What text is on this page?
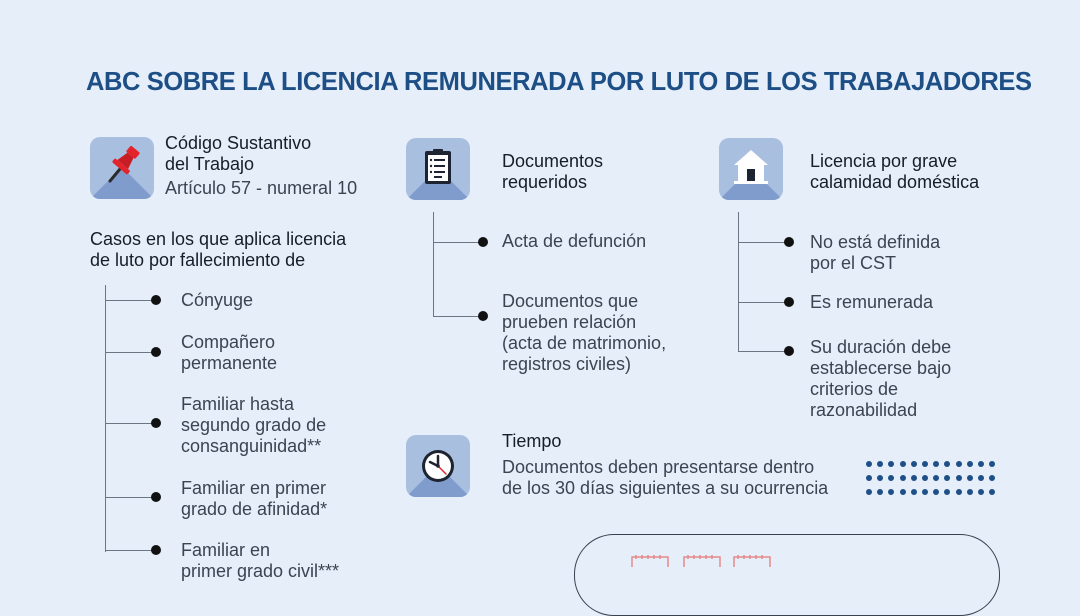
ABC SOBRE LA LICENCIA REMUNERADA POR LUTO DE LOS TRABAJADORES
Código Sustantivo
del Trabajo
Artículo 57 - numeral 10
Casos en los que aplica licencia
de luto por fallecimiento de
Cónyuge
Compañero
permanente
Familiar hasta
segundo grado de
consanguinidad**
Familiar en primer
grado de afinidad*
Familiar en
primer grado civil***
Documentos
requeridos
Acta de defunción
Documentos que
prueben relación
(acta de matrimonio,
registros civiles)
Licencia por grave
calamidad doméstica
No está definida
por el CST
Es remunerada
Su duración debe
establecerse bajo
criterios de
razonabilidad
Tiempo
Documentos deben presentarse dentro
de los 30 días siguientes a su ocurrencia
